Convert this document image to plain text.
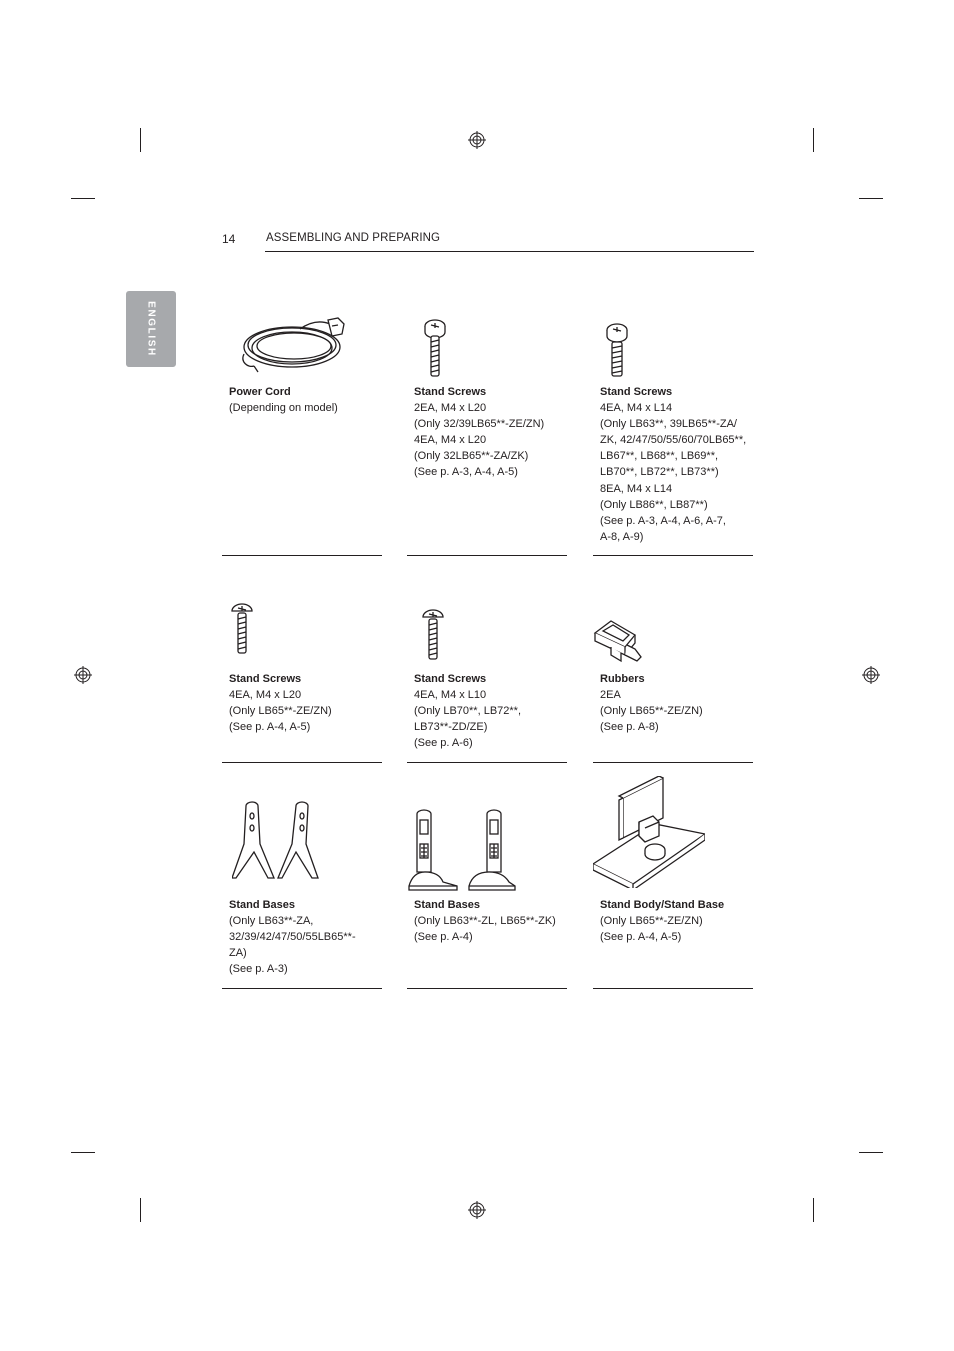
14	ASSEMBLING AND PREPARING
ENGLISH
Power Cord
(Depending on model)
Stand Screws
2EA, M4 x L20
(Only 32/39LB65**-ZE/ZN)
4EA, M4 x L20
(Only 32LB65**-ZA/ZK)
(See p. A-3, A-4, A-5)
Stand Screws
4EA, M4 x L14
(Only LB63**, 39LB65**-ZA/
ZK, 42/47/50/55/60/70LB65**,
LB67**, LB68**, LB69**,
LB70**, LB72**, LB73**)
8EA, M4 x L14
(Only LB86**, LB87**)
(See p. A-3, A-4, A-6, A-7,
A-8, A-9)
Stand Screws
4EA, M4 x L20
(Only LB65**-ZE/ZN)
(See p. A-4, A-5)
Stand Screws
4EA, M4 x L10
(Only LB70**, LB72**,
LB73**-ZD/ZE)
(See p. A-6)
Rubbers
2EA
(Only LB65**-ZE/ZN)
(See p. A-8)
Stand Bases
(Only LB63**-ZA,
32/39/42/47/50/55LB65**-
ZA)
(See p. A-3)
Stand Bases
(Only LB63**-ZL, LB65**-ZK)
(See p. A-4)
Stand Body/Stand Base
(Only LB65**-ZE/ZN)
(See p. A-4, A-5)
